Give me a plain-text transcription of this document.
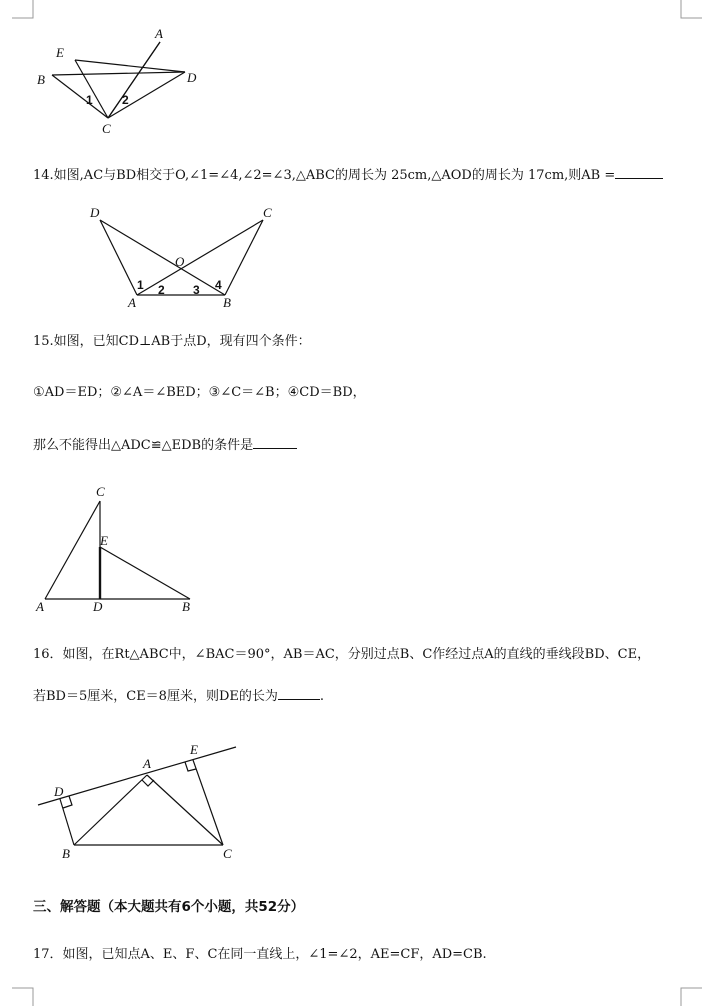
E
A
B	D
C
1 2
14.如图,AC与BD相交于O,∠1=∠4,∠2=∠3,△ABC的周长为 25cm,△AOD的周长为 17cm,则AB =
D	C
O
A	B
1 2 3 4
15.如图，已知CD⊥AB于点D，现有四个条件：
①AD＝ED；②∠A＝∠BED；③∠C＝∠B；④CD＝BD，
那么不能得出△ADC≌△EDB的条件是
C
E
A	D	B
16．如图，在Rt△ABC中，∠BAC＝90°，AB＝AC，分别过点B、C作经过点A的直线的垂线段BD、CE，
若BD＝5厘米，CE＝8厘米，则DE的长为	.
E
A
D
B	C
三、解答题（本大题共有6个小题，共52分）
17．如图，已知点A、E、F、C在同一直线上，∠1=∠2，AE=CF，AD=CB.
